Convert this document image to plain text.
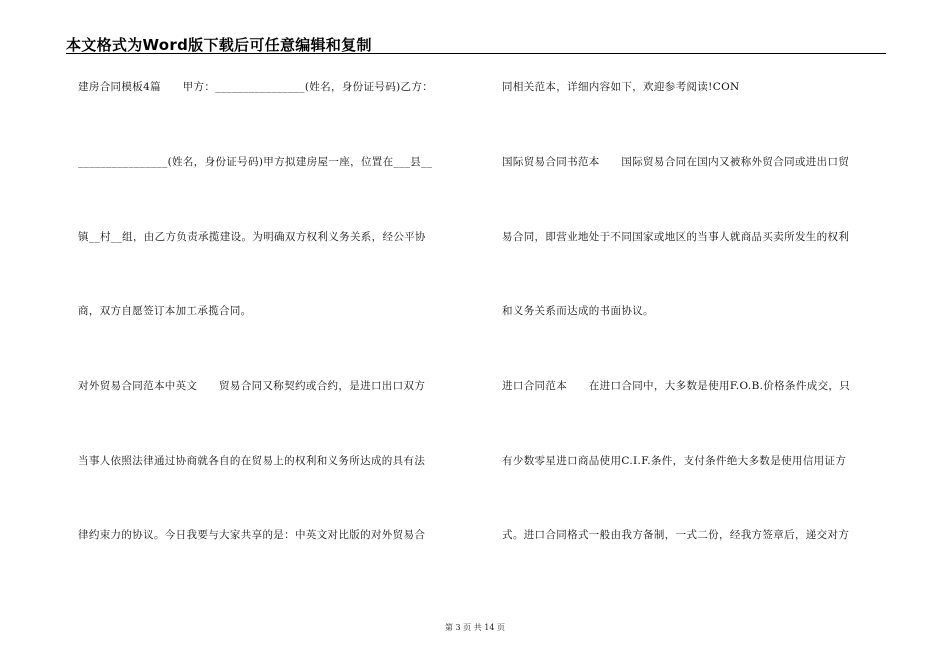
本文格式为Word版下载后可任意编辑和复制
建房合同模板4篇　　甲方：________________(姓名，身份证号码)乙方：
________________(姓名，身份证号码)甲方拟建房屋一座，位置在___县__
镇__村__组，由乙方负责承揽建设。为明确双方权利义务关系，经公平协
商，双方自愿签订本加工承揽合同。
对外贸易合同范本中英文　　贸易合同又称契约或合约，是进口出口双方
当事人依照法律通过协商就各自的在贸易上的权利和义务所达成的具有法
律约束力的协议。今日我要与大家共享的是：中英文对比版的对外贸易合
同相关范本，详细内容如下，欢迎参考阅读!CON
国际贸易合同书范本　　国际贸易合同在国内又被称外贸合同或进出口贸
易合同，即营业地处于不同国家或地区的当事人就商品买卖所发生的权利
和义务关系而达成的书面协议。
进口合同范本　　在进口合同中，大多数是使用F.O.B.价格条件成交，只
有少数零星进口商品使用C.I.F.条件，支付条件绝大多数是使用信用证方
式。进口合同格式一般由我方备制，一式二份，经我方签章后，递交对方
第 3 页 共 14 页
